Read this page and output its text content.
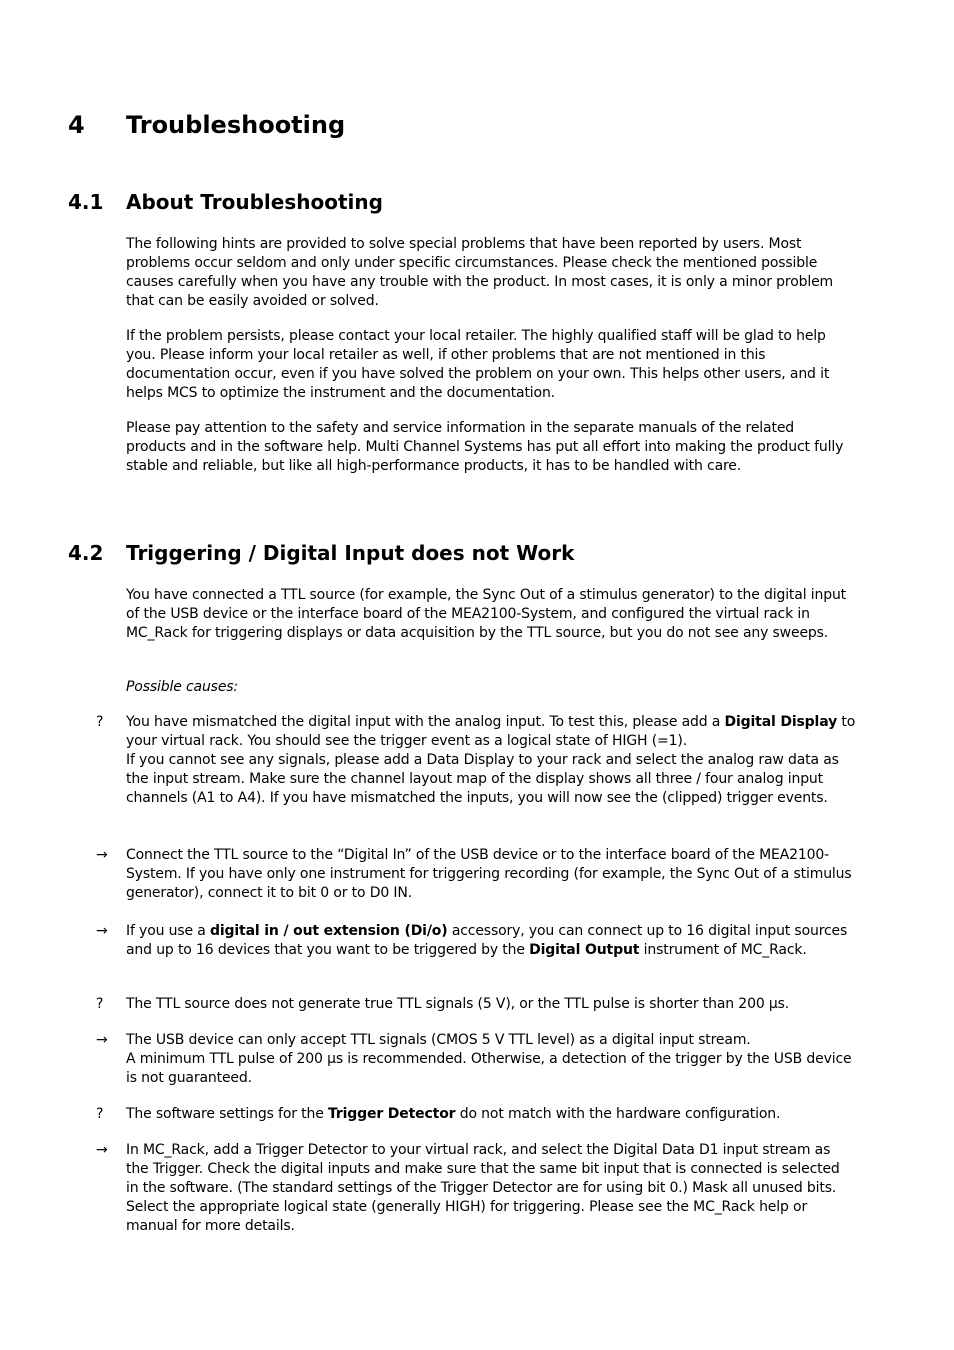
4 Troubleshooting
4.1 About Troubleshooting

The following hints are provided to solve special problems that have been reported by users. Most problems occur seldom and only under specific circumstances. Please check the mentioned possible causes carefully when you have any trouble with the product. In most cases, it is only a minor problem that can be easily avoided or solved.

If the problem persists, please contact your local retailer. The highly qualified staff will be glad to help you. Please inform your local retailer as well, if other problems that are not mentioned in this documentation occur, even if you have solved the problem on your own. This helps other users, and it helps MCS to optimize the instrument and the documentation.

Please pay attention to the safety and service information in the separate manuals of the related products and in the software help. Multi Channel Systems has put all effort into making the product fully stable and reliable, but like all high-performance products, it has to be handled with care.

4.2 Triggering / Digital Input does not Work

You have connected a TTL source (for example, the Sync Out of a stimulus generator) to the digital input of the USB device or the interface board of the MEA2100-System, and configured the virtual rack in MC_Rack for triggering displays or data acquisition by the TTL source, but you do not see any sweeps.

Possible causes:

? You have mismatched the digital input with the analog input. To test this, please add a Digital Display to your virtual rack. You should see the trigger event as a logical state of HIGH (=1).
If you cannot see any signals, please add a Data Display to your rack and select the analog raw data as the input stream. Make sure the channel layout map of the display shows all three / four analog input channels (A1 to A4). If you have mismatched the inputs, you will now see the (clipped) trigger events.
→ Connect the TTL source to the “Digital In” of the USB device or to the interface board of the MEA2100-System. If you have only one instrument for triggering recording (for example, the Sync Out of a stimulus generator), connect it to bit 0 or to D0 IN.

→ If you use a digital in / out extension (Di/o) accessory, you can connect up to 16 digital input sources and up to 16 devices that you want to be triggered by the Digital Output instrument of MC_Rack.
? The TTL source does not generate true TTL signals (5 V), or the TTL pulse is shorter than 200 µs.

→ The USB device can only accept TTL signals (CMOS 5 V TTL level) as a digital input stream.
A minimum TTL pulse of 200 µs is recommended. Otherwise, a detection of the trigger by the USB device is not guaranteed.
? The software settings for the Trigger Detector do not match with the hardware configuration.
→ In MC_Rack, add a Trigger Detector to your virtual rack, and select the Digital Data D1 input stream as the Trigger. Check the digital inputs and make sure that the same bit input that is connected is selected in the software. (The standard settings of the Trigger Detector are for using bit 0.) Mask all unused bits. Select the appropriate logical state (generally HIGH) for triggering. Please see the MC_Rack help or manual for more details.
